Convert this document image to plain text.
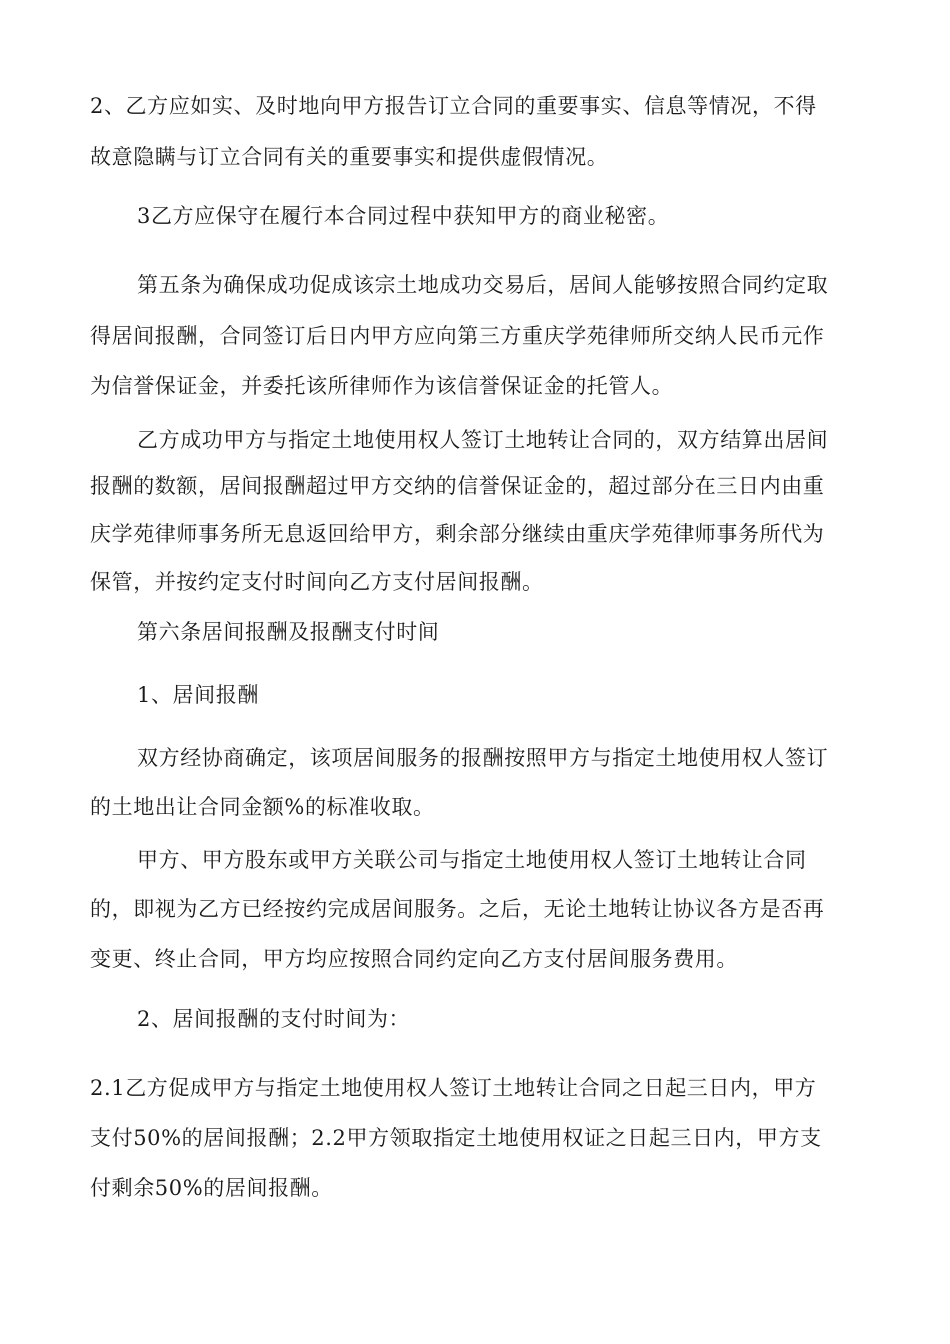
2、乙方应如实、及时地向甲方报告订立合同的重要事实、信息等情况，不得
故意隐瞒与订立合同有关的重要事实和提供虚假情况。
3乙方应保守在履行本合同过程中获知甲方的商业秘密。
第五条为确保成功促成该宗土地成功交易后，居间人能够按照合同约定取
得居间报酬，合同签订后日内甲方应向第三方重庆学苑律师所交纳人民币元作
为信誉保证金，并委托该所律师作为该信誉保证金的托管人。
乙方成功甲方与指定土地使用权人签订土地转让合同的，双方结算出居间
报酬的数额，居间报酬超过甲方交纳的信誉保证金的，超过部分在三日内由重
庆学苑律师事务所无息返回给甲方，剩余部分继续由重庆学苑律师事务所代为
保管，并按约定支付时间向乙方支付居间报酬。
第六条居间报酬及报酬支付时间
1、居间报酬
双方经协商确定，该项居间服务的报酬按照甲方与指定土地使用权人签订
的土地出让合同金额%的标准收取。
甲方、甲方股东或甲方关联公司与指定土地使用权人签订土地转让合同
的，即视为乙方已经按约完成居间服务。之后，无论土地转让协议各方是否再
变更、终止合同，甲方均应按照合同约定向乙方支付居间服务费用。
2、居间报酬的支付时间为：
2.1乙方促成甲方与指定土地使用权人签订土地转让合同之日起三日内，甲方
支付50%的居间报酬；2.2甲方领取指定土地使用权证之日起三日内，甲方支
付剩余50%的居间报酬。
